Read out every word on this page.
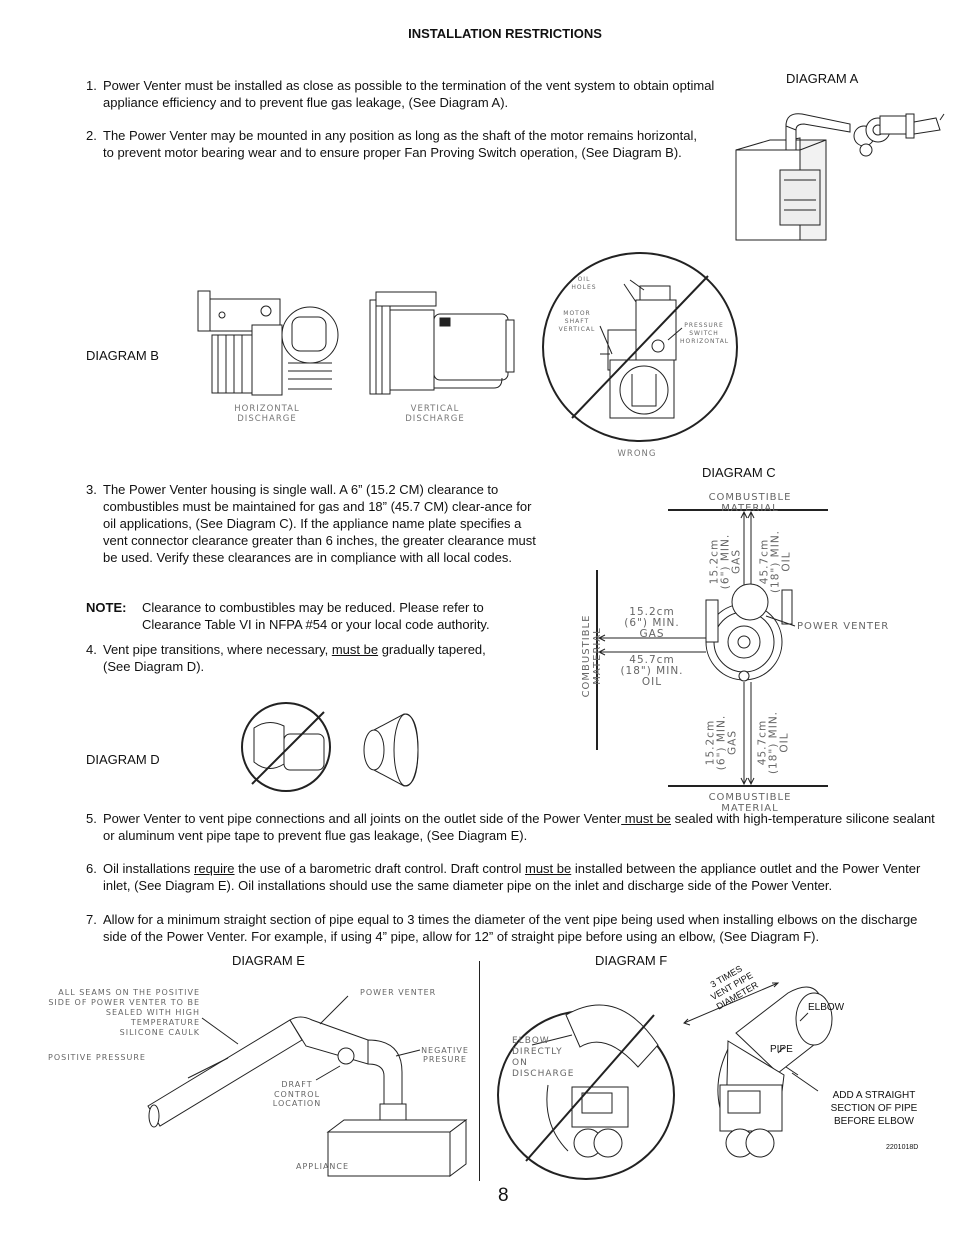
INSTALLATION RESTRICTIONS
1. Power Venter must be installed as close as possible to the termination of the vent system to obtain optimal appliance efficiency and to prevent flue gas leakage, (See Diagram A).
2. The Power Venter may be mounted in any position as long as the shaft of the motor remains horizontal, to prevent motor bearing wear and to ensure proper Fan Proving Switch operation, (See Diagram B).
DIAGRAM A
DIAGRAM B
HORIZONTAL
DISCHARGE
VERTICAL
DISCHARGE
OIL
HOLES
MOTOR
SHAFT
VERTICAL
PRESSURE
SWITCH
HORIZONTAL
WRONG
3. The Power Venter housing is single wall. A 6” (15.2 CM) clearance to combustibles must be maintained for gas and 18” (45.7 CM) clear-ance for oil applications, (See Diagram C). If the appliance name plate specifies a vent connector clearance greater than 6 inches, the greater clearance must be used. Verify these clearances are in compliance with all local codes.
NOTE:	Clearance to combustibles may be reduced. Please refer to Clearance Table VI in NFPA #54 or your local code authority.
4. Vent pipe transitions, where necessary, must be gradually tapered, (See Diagram D).
DIAGRAM C
COMBUSTIBLE MATERIAL
COMBUSTIBLE MATERIAL
COMBUSTIBLE MATERIAL
POWER VENTER
15.2cm
(6") MIN.
GAS 45.7cm
(18") MIN.
OIL
15.2cm
(6") MIN.
GAS
45.7cm
(18") MIN.
OIL
15.2cm
(6") MIN.
GAS 45.7cm
(18") MIN.
OIL
DIAGRAM D
5. Power Venter to vent pipe connections and all joints on the outlet side of the Power Venter must be sealed with high-temperature silicone sealant or aluminum vent pipe tape to prevent flue gas leakage, (See Diagram E).
6. Oil installations require the use of a barometric draft control. Draft control must be installed between the appliance outlet and the Power Venter inlet, (See Diagram E). Oil installations should use the same diameter pipe on the inlet and discharge side of the Power Venter.
7. Allow for a minimum straight section of pipe equal to 3 times the diameter of the vent pipe being used when installing elbows on the discharge side of the Power Venter. For example, if using 4” pipe, allow for 12” of straight pipe before using an elbow, (See Diagram F).
DIAGRAM E
ALL SEAMS ON THE POSITIVE
SIDE OF POWER VENTER TO BE
SEALED WITH HIGH TEMPERATURE
SILICONE CAULK
POWER VENTER
NEGATIVE
PRESURE
POSITIVE PRESSURE
DRAFT
CONTROL
LOCATION
APPLIANCE
DIAGRAM F
ELBOW
DIRECTLY ON
DISCHARGE
3 TIMES
VENT PIPE
DIAMETER	ELBOW
PIPE
ADD A STRAIGHT
SECTION OF PIPE
BEFORE ELBOW
2201018D
8
